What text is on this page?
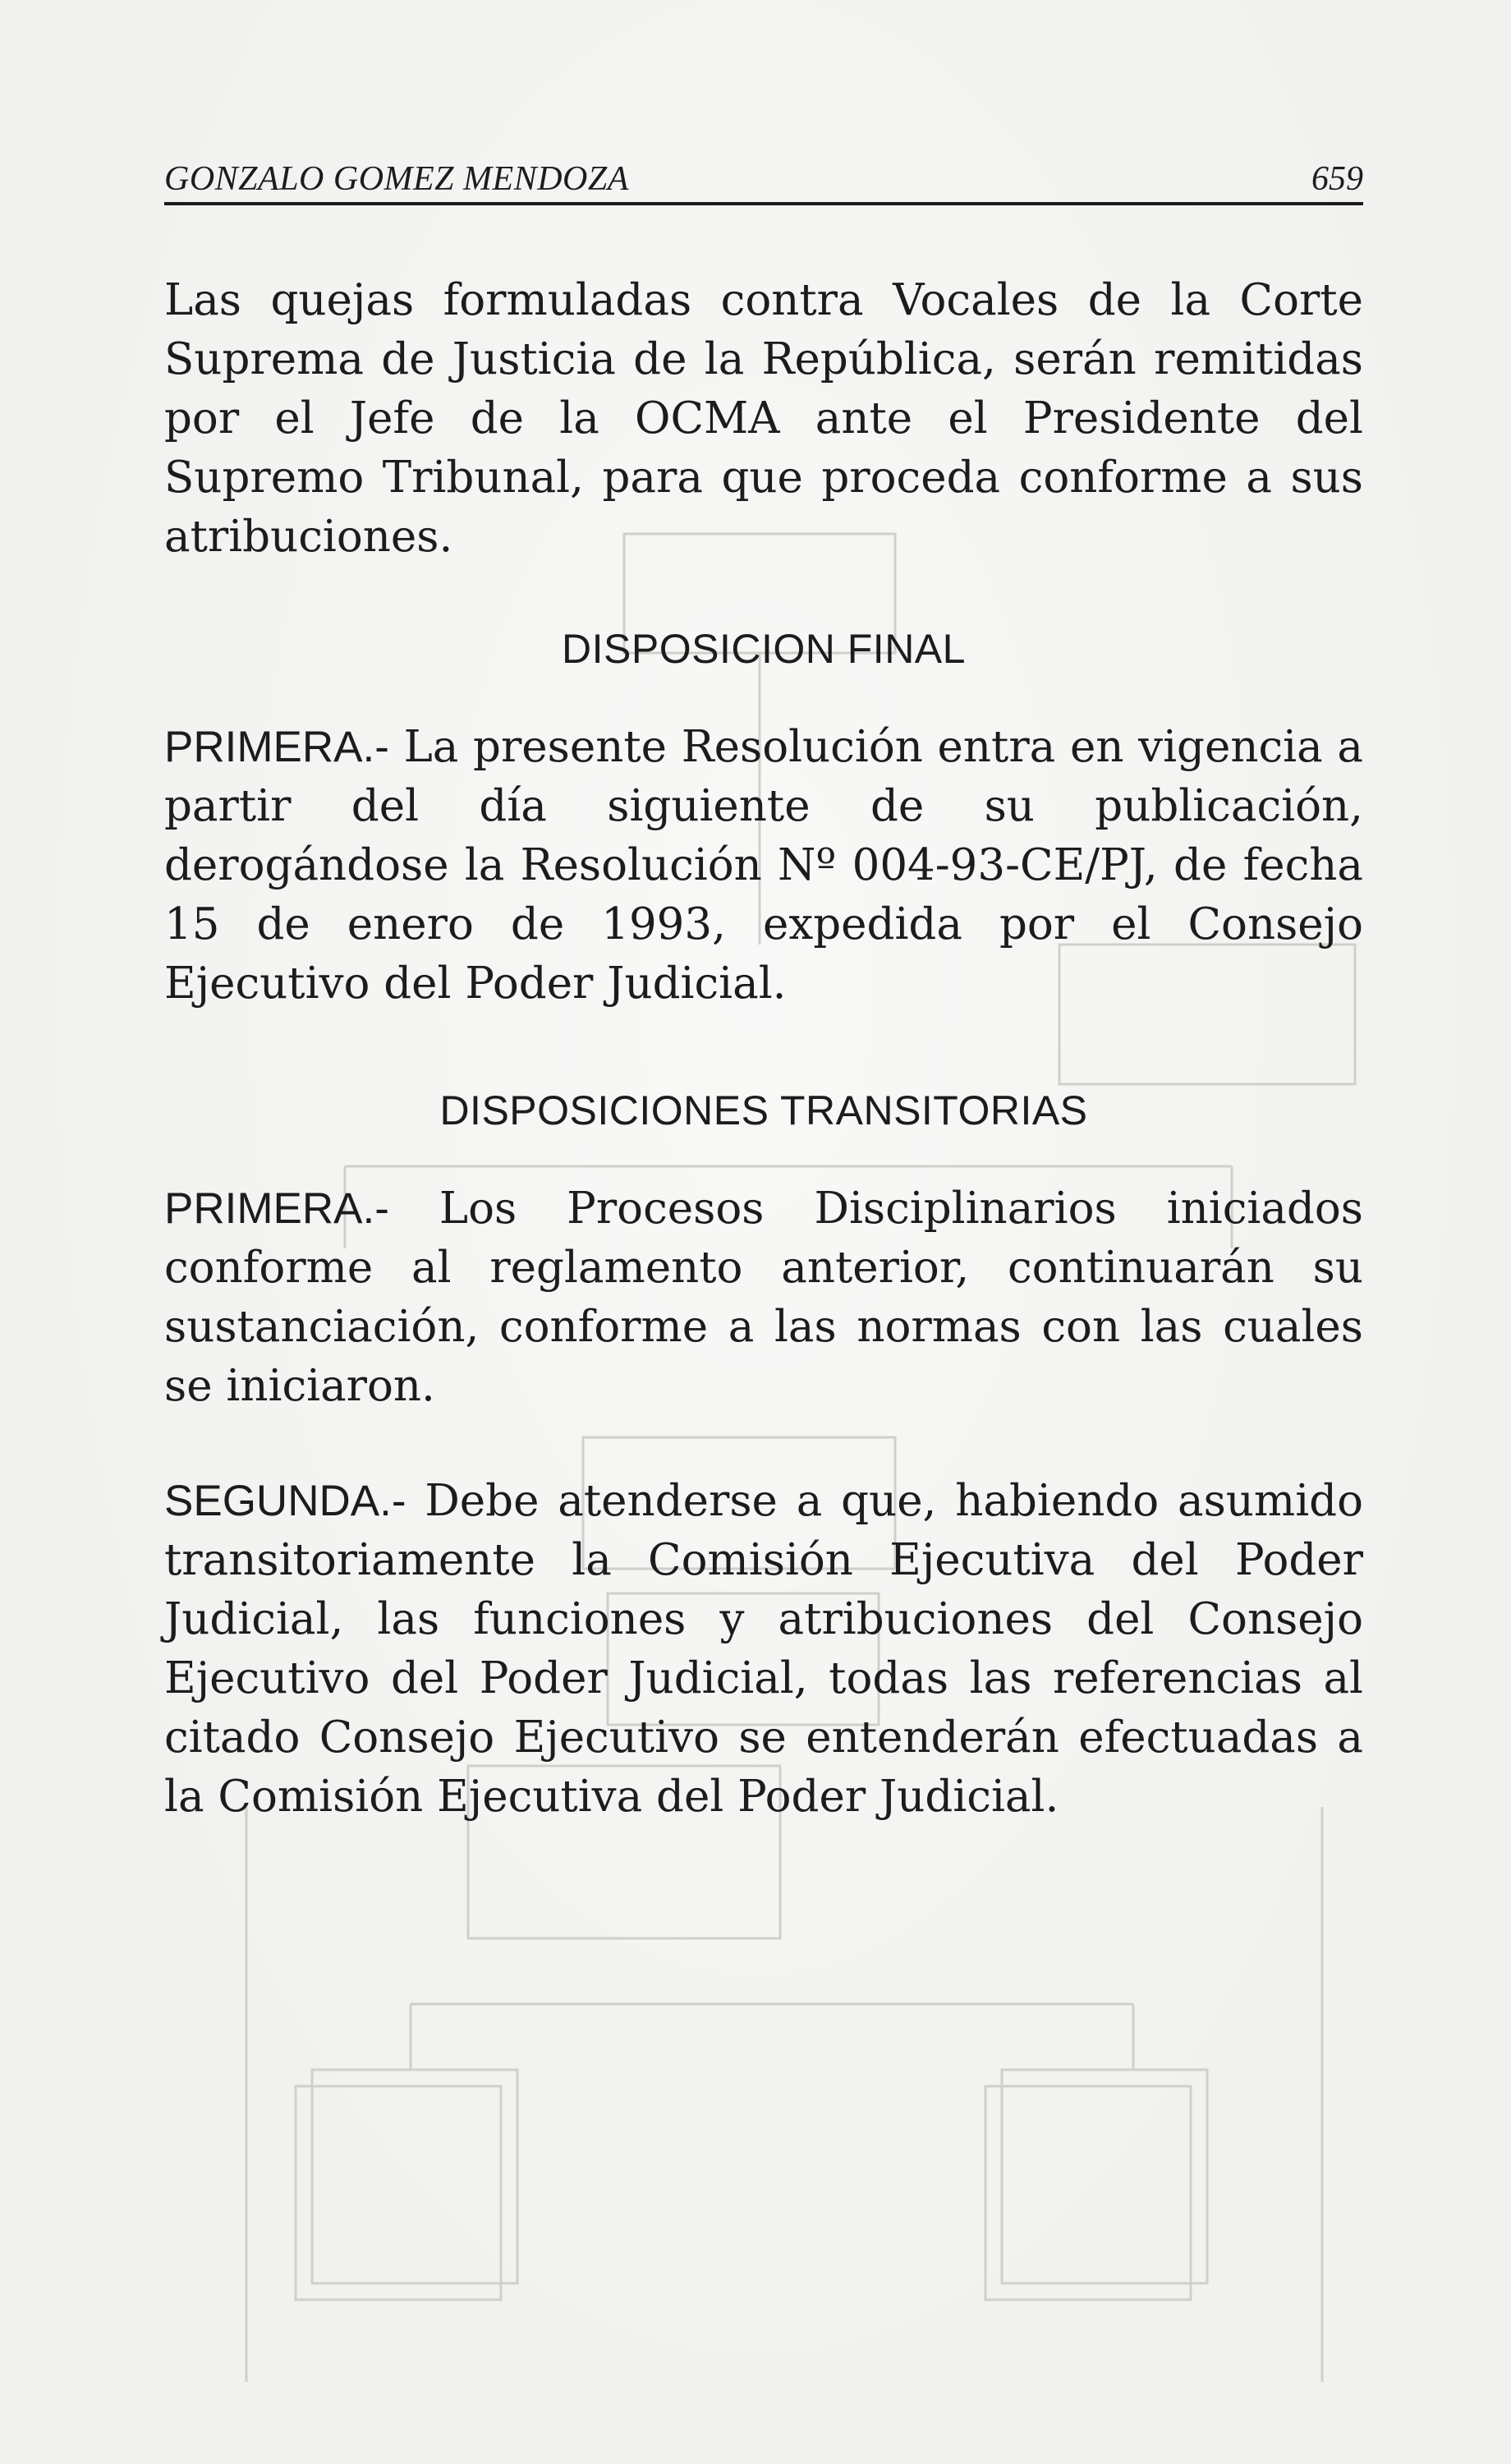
GONZALO GOMEZ MENDOZA	659

Las quejas formuladas contra Vocales de la Corte Suprema de Justicia de la República, serán remitidas por el Jefe de la OCMA ante el Presidente del Supremo Tribunal, para que proceda conforme a sus atribuciones.

DISPOSICION FINAL

PRIMERA.- La presente Resolución entra en vigencia a partir del día siguiente de su publicación, derogándose la Resolución Nº 004-93-CE/PJ, de fecha 15 de enero de 1993, expedida por el Consejo Ejecutivo del Poder Judicial.

DISPOSICIONES TRANSITORIAS

PRIMERA.- Los Procesos Disciplinarios iniciados conforme al reglamento anterior, continuarán su sustanciación, conforme a las normas con las cuales se iniciaron.

SEGUNDA.- Debe atenderse a que, habiendo asumido transitoriamente la Comisión Ejecutiva del Poder Judicial, las funciones y atribuciones del Consejo Ejecutivo del Poder Judicial, todas las referencias al citado Consejo Ejecutivo se entenderán efectuadas a la Comisión Ejecutiva del Poder Judicial.
